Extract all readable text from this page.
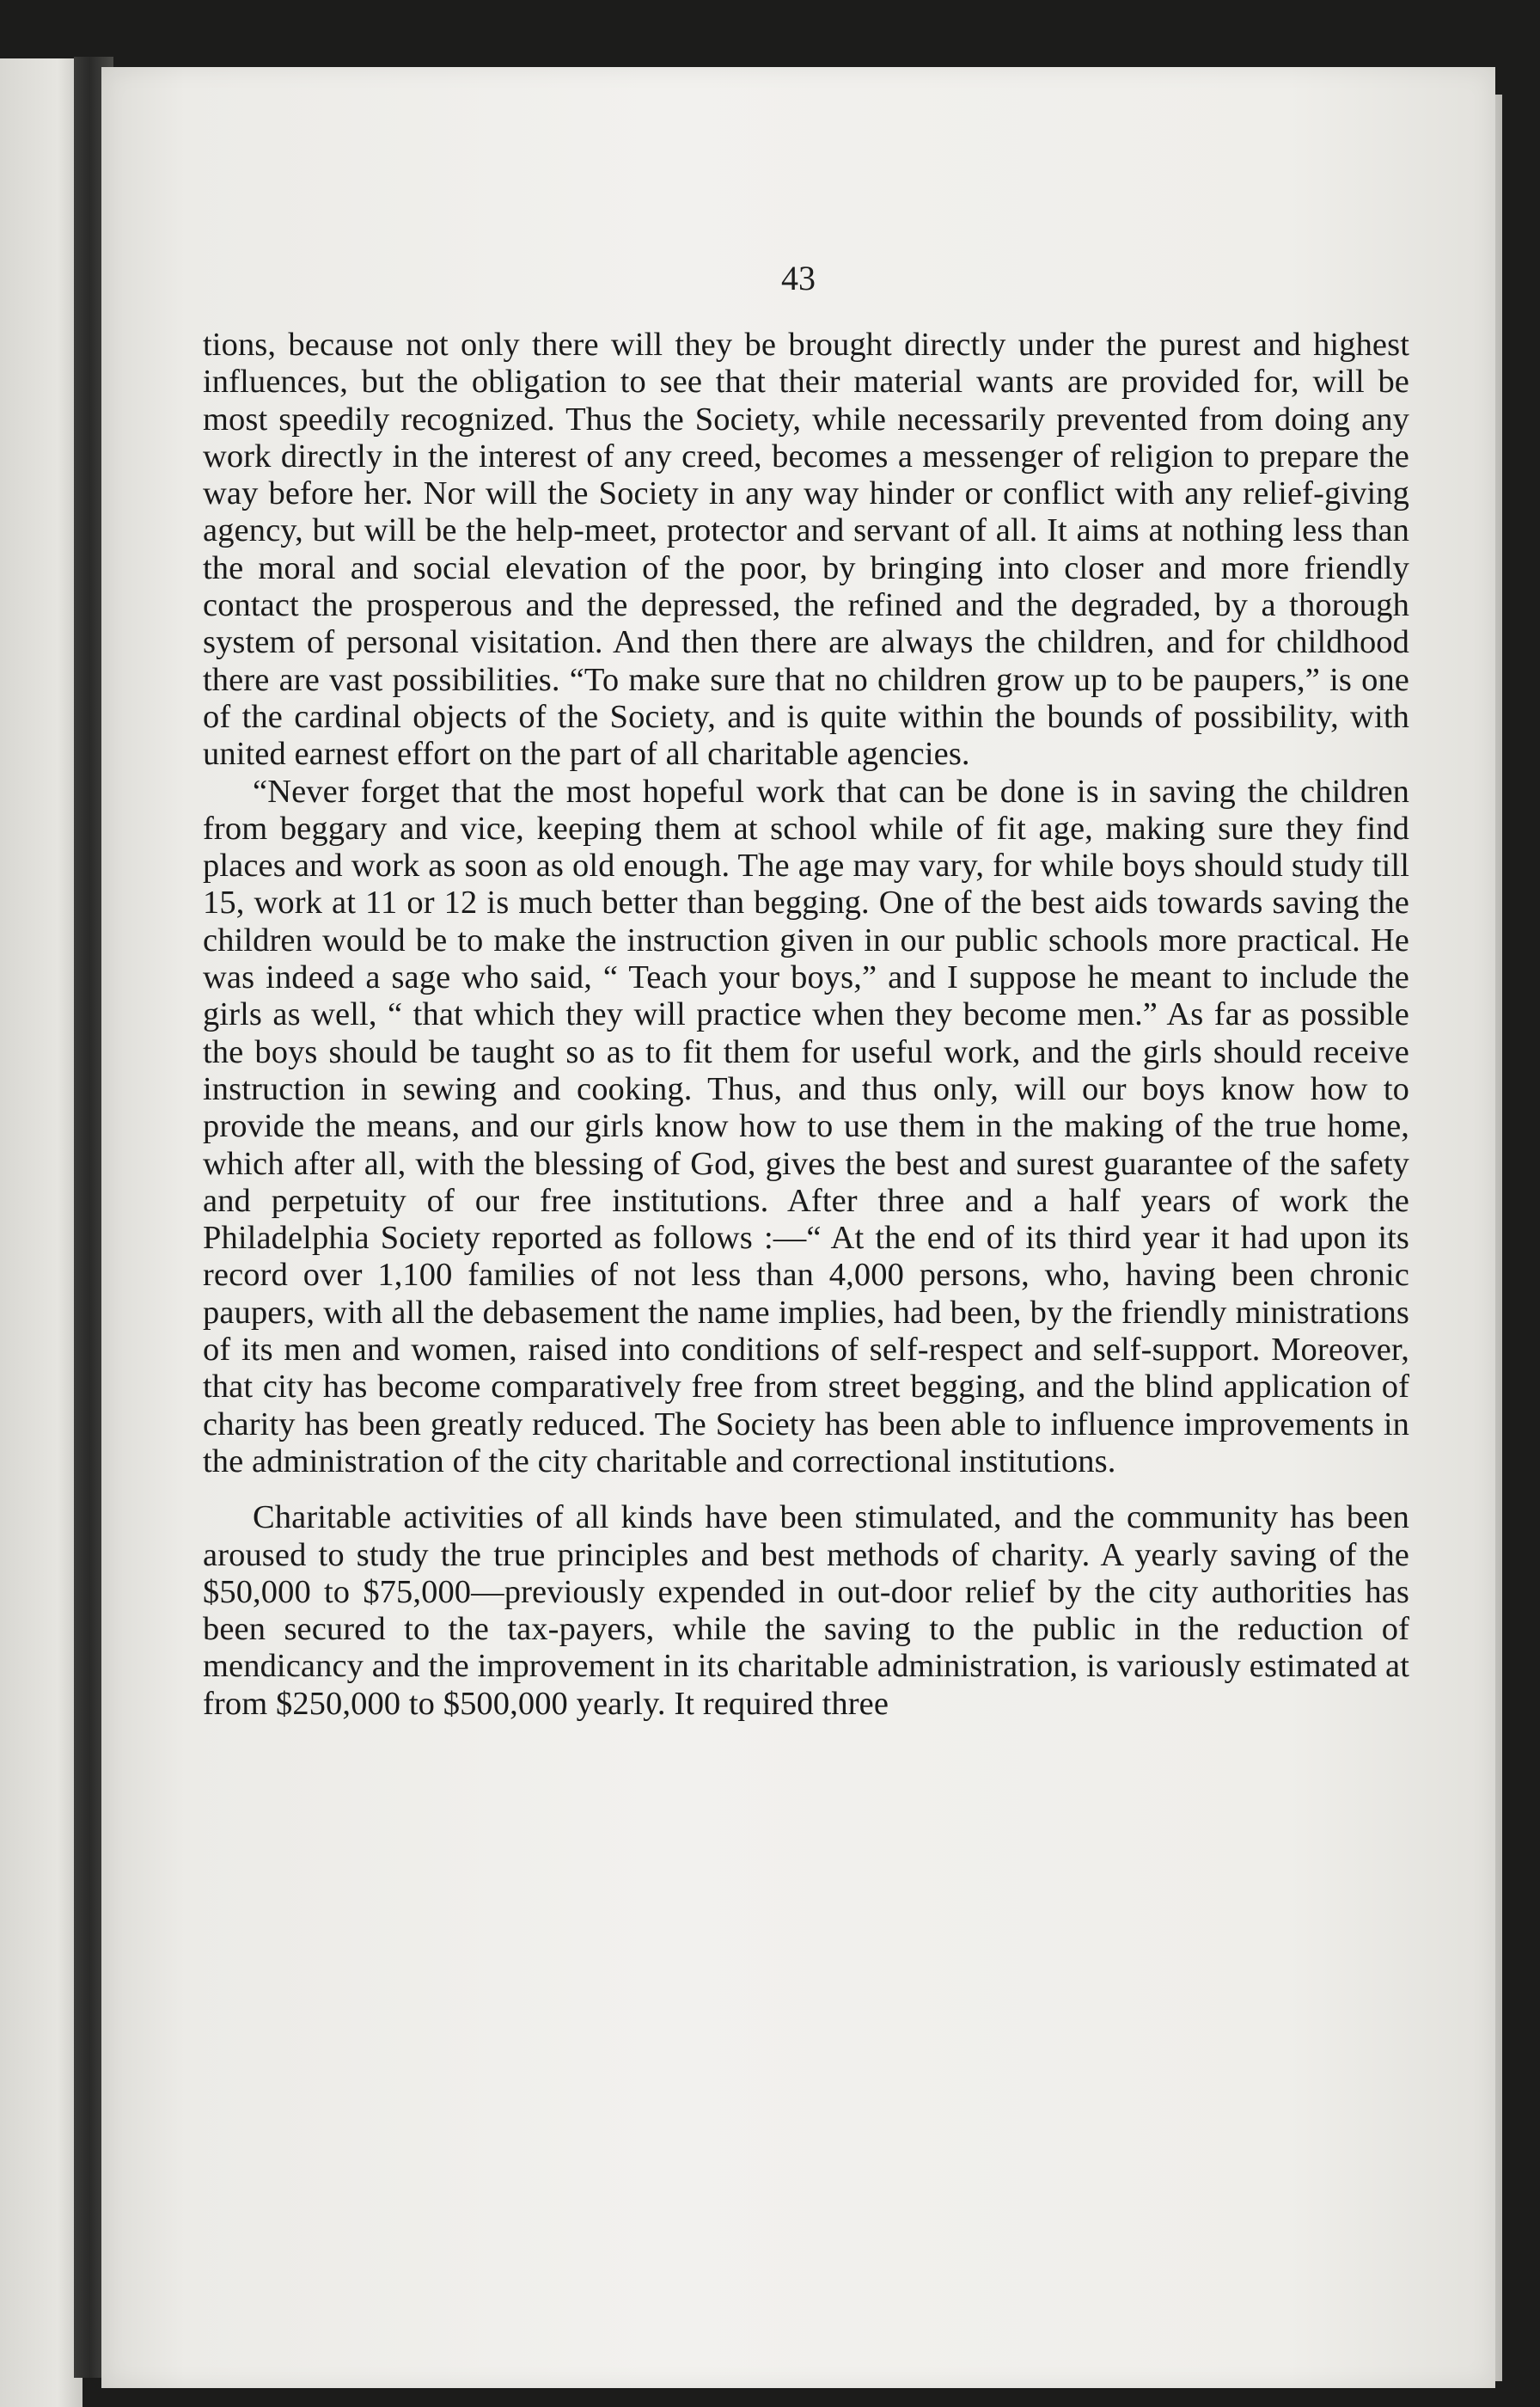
43

tions, because not only there will they be brought directly under the purest and highest influences, but the obligation to see that their material wants are provided for, will be most speedily recognized. Thus the Society, while necessarily prevented from doing any work directly in the interest of any creed, becomes a messenger of religion to prepare the way before her. Nor will the Society in any way hinder or conflict with any relief-giving agency, but will be the help-meet, protector and servant of all. It aims at nothing less than the moral and social elevation of the poor, by bringing into closer and more friendly contact the prosperous and the depressed, the refined and the degraded, by a thorough system of personal visitation. And then there are always the children, and for childhood there are vast possibilities. “To make sure that no children grow up to be paupers,” is one of the cardinal objects of the Society, and is quite within the bounds of possibility, with united earnest effort on the part of all charitable agencies.

“Never forget that the most hopeful work that can be done is in saving the children from beggary and vice, keeping them at school while of fit age, making sure they find places and work as soon as old enough. The age may vary, for while boys should study till 15, work at 11 or 12 is much better than begging. One of the best aids towards saving the children would be to make the instruction given in our public schools more practical. He was indeed a sage who said, “ Teach your boys,” and I suppose he meant to include the girls as well, “ that which they will practice when they become men.” As far as possible the boys should be taught so as to fit them for useful work, and the girls should receive instruction in sewing and cooking. Thus, and thus only, will our boys know how to provide the means, and our girls know how to use them in the making of the true home, which after all, with the blessing of God, gives the best and surest guarantee of the safety and perpetuity of our free institutions. After three and a half years of work the Philadelphia Society reported as follows :—“ At the end of its third year it had upon its record over 1,100 families of not less than 4,000 persons, who, having been chronic paupers, with all the debasement the name implies, had been, by the friendly ministrations of its men and women, raised into conditions of self-respect and self-support. Moreover, that city has become comparatively free from street begging, and the blind application of charity has been greatly reduced. The Society has been able to influence improvements in the administration of the city charitable and correctional institutions.

Charitable activities of all kinds have been stimulated, and the community has been aroused to study the true principles and best methods of charity. A yearly saving of the $50,000 to $75,000—previously expended in out-door relief by the city authorities has been secured to the tax-payers, while the saving to the public in the reduction of mendicancy and the improvement in its charitable administration, is variously estimated at from $250,000 to $500,000 yearly. It required three
